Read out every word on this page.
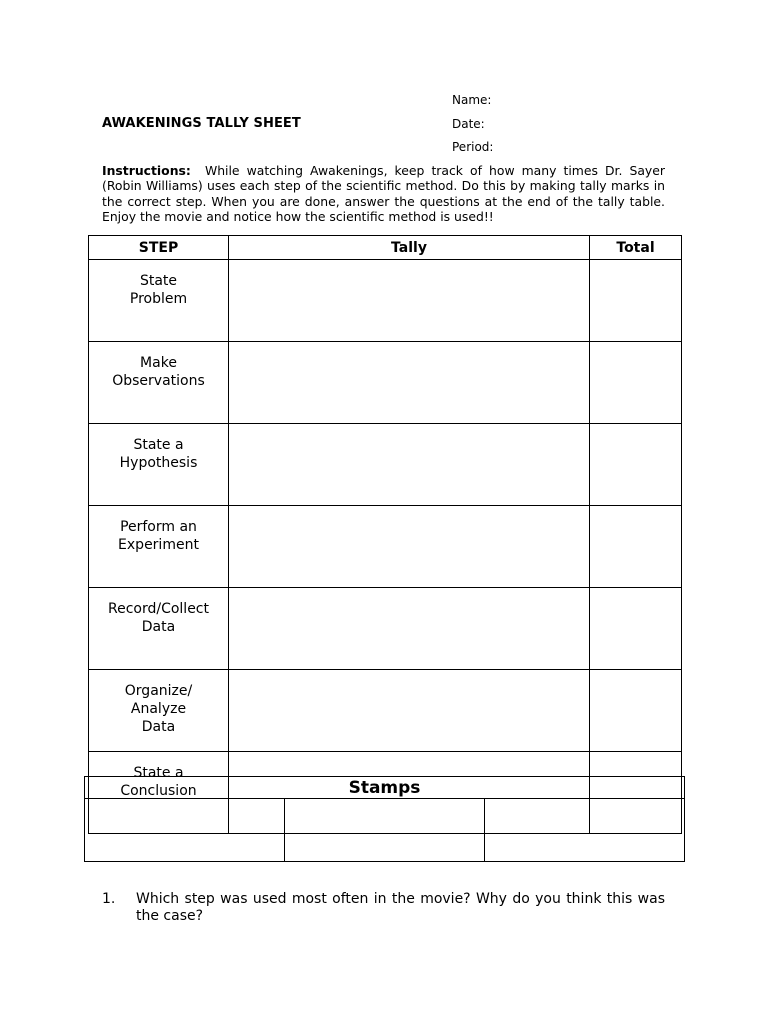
AWAKENINGS TALLY SHEET
Name:
Date:
Period:
Instructions: While watching Awakenings, keep track of how many times Dr. Sayer (Robin Williams) uses each step of the scientific method. Do this by making tally marks in the correct step. When you are done, answer the questions at the end of the tally table. Enjoy the movie and notice how the scientific method is used!!
STEP	Tally	Total

State
Problem		

Make
Observations		

State a
Hypothesis		

Perform an
Experiment		

Record/Collect
Data		

Organize/
Analyze
Data		

State a
Conclusion		
			Stamps

1. Which step was used most often in the movie? Why do you think this was the case?
